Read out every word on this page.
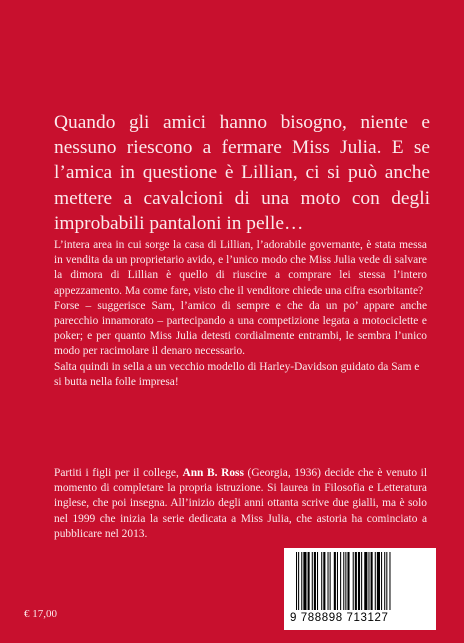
Quando gli amici hanno bisogno, niente e nessuno riescono a fermare Miss Julia. E se l’amica in questione è Lillian, ci si può anche mettere a cavalcioni di una moto con degli improbabili pantaloni in pelle…

L’intera area in cui sorge la casa di Lillian, l’adorabile governante, è stata messa in vendita da un proprietario avido, e l’unico modo che Miss Julia vede di salvare la dimora di Lillian è quello di riuscire a comprare lei stessa l’intero appezzamento. Ma come fare, visto che il venditore chiede una cifra esorbitante?

Forse – suggerisce Sam, l’amico di sempre e che da un po’ appare anche parecchio innamorato – partecipando a una competizione legata a motociclette e poker; e per quanto Miss Julia detesti cordialmente entrambi, le sembra l’unico modo per racimolare il denaro necessario.

Salta quindi in sella a un vecchio modello di Harley-Davidson guidato da Sam e si butta nella folle impresa!

Partiti i figli per il college, Ann B. Ross (Georgia, 1936) decide che è venuto il momento di completare la propria istruzione. Si laurea in Filosofia e Letteratura inglese, che poi insegna. All’inizio degli anni ottanta scrive due gialli, ma è solo nel 1999 che inizia la serie dedicata a Miss Julia, che astoria ha cominciato a pubblicare nel 2013.
€ 17,00	9 788898 713127
